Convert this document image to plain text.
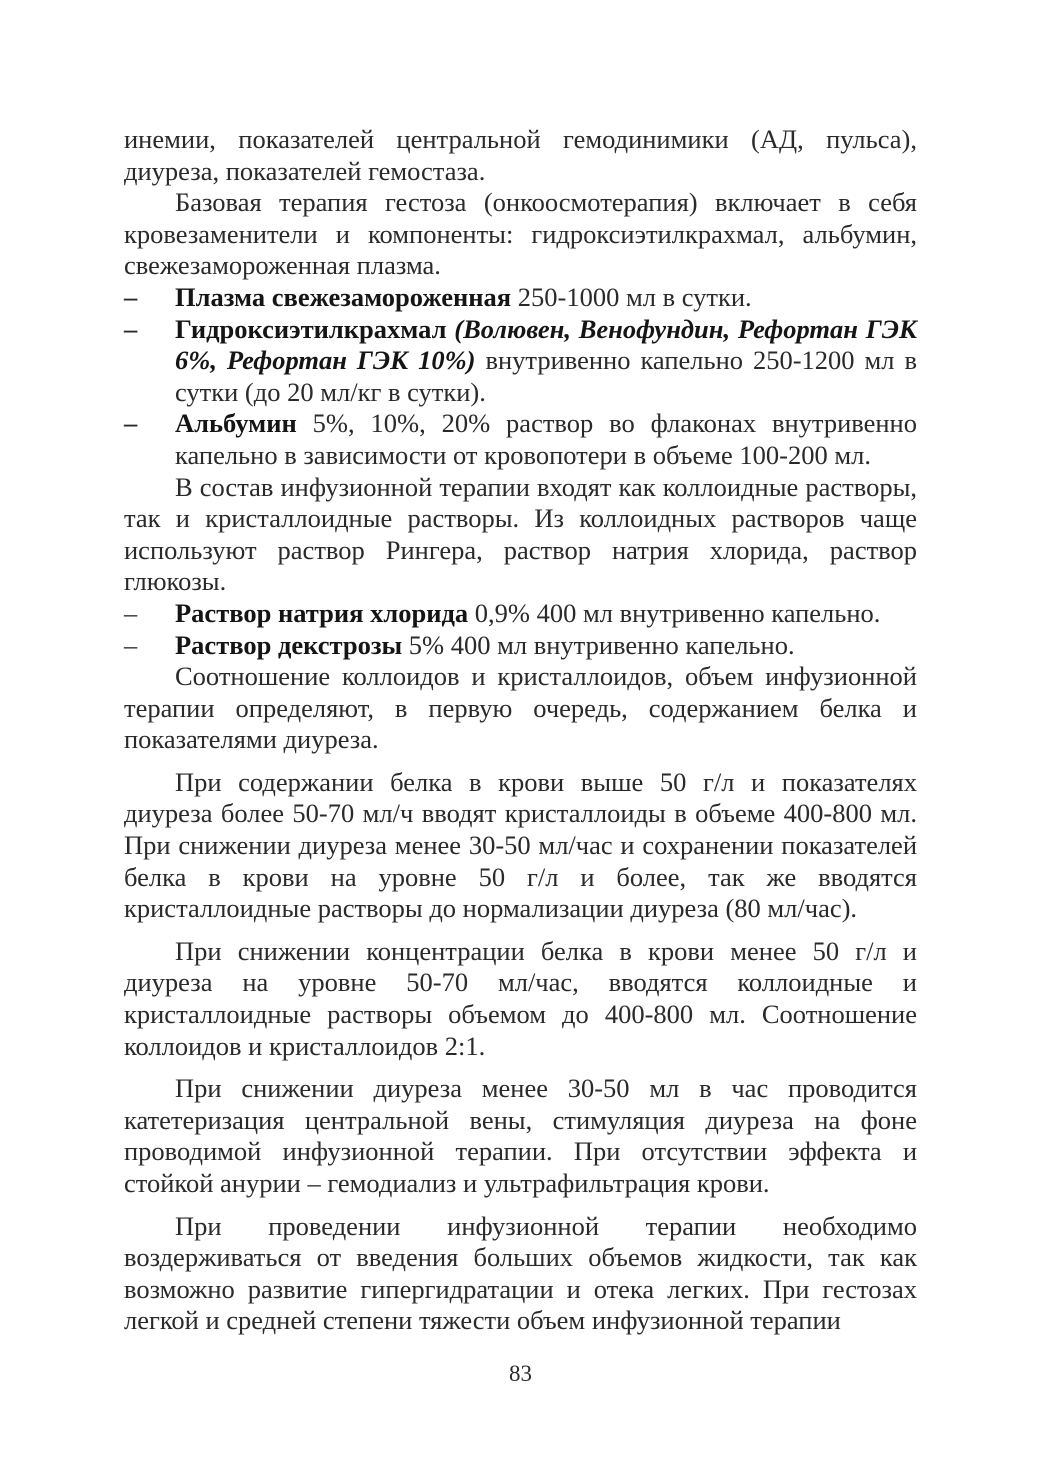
инемии, показателей центральной гемодинимики (АД, пульса), диуреза, показателей гемостаза.

Базовая терапия гестоза (онкоосмотерапия) включает в себя кровезаменители и компоненты: гидроксиэтилкрахмал, альбумин, свежезамороженная плазма.

– Плазма свежезамороженная 250-1000 мл в сутки.

– Гидроксиэтилкрахмал (Волювен, Венофундин, Рефортан ГЭК 6%, Рефортан ГЭК 10%) внутривенно капельно 250-1200 мл в сутки (до 20 мл/кг в сутки).

– Альбумин 5%, 10%, 20% раствор во флаконах внутривенно капельно в зависимости от кровопотери в объеме 100-200 мл.

В состав инфузионной терапии входят как коллоидные растворы, так и кристаллоидные растворы. Из коллоидных растворов чаще используют раствор Рингера, раствор натрия хлорида, раствор глюкозы.

– Раствор натрия хлорида 0,9% 400 мл внутривенно капельно.

– Раствор декстрозы 5% 400 мл внутривенно капельно.

Соотношение коллоидов и кристаллоидов, объем инфузионной терапии определяют, в первую очередь, содержанием белка и показателями диуреза.

При содержании белка в крови выше 50 г/л и показателях диуреза более 50-70 мл/ч вводят кристаллоиды в объеме 400-800 мл. При снижении диуреза менее 30-50 мл/час и сохранении показателей белка в крови на уровне 50 г/л и более, так же вводятся кристаллоидные растворы до нормализации диуреза (80 мл/час).

При снижении концентрации белка в крови менее 50 г/л и диуреза на уровне 50-70 мл/час, вводятся коллоидные и кристаллоидные растворы объемом до 400-800 мл. Соотношение коллоидов и кристаллоидов 2:1.

При снижении диуреза менее 30-50 мл в час проводится катетеризация центральной вены, стимуляция диуреза на фоне проводимой инфузионной терапии. При отсутствии эффекта и стойкой анурии – гемодиализ и ультрафильтрация крови.

При проведении инфузионной терапии необходимо воздерживаться от введения больших объемов жидкости, так как возможно развитие гипергидратации и отека легких. При гестозах легкой и средней степени тяжести объем инфузионной терапии

83
